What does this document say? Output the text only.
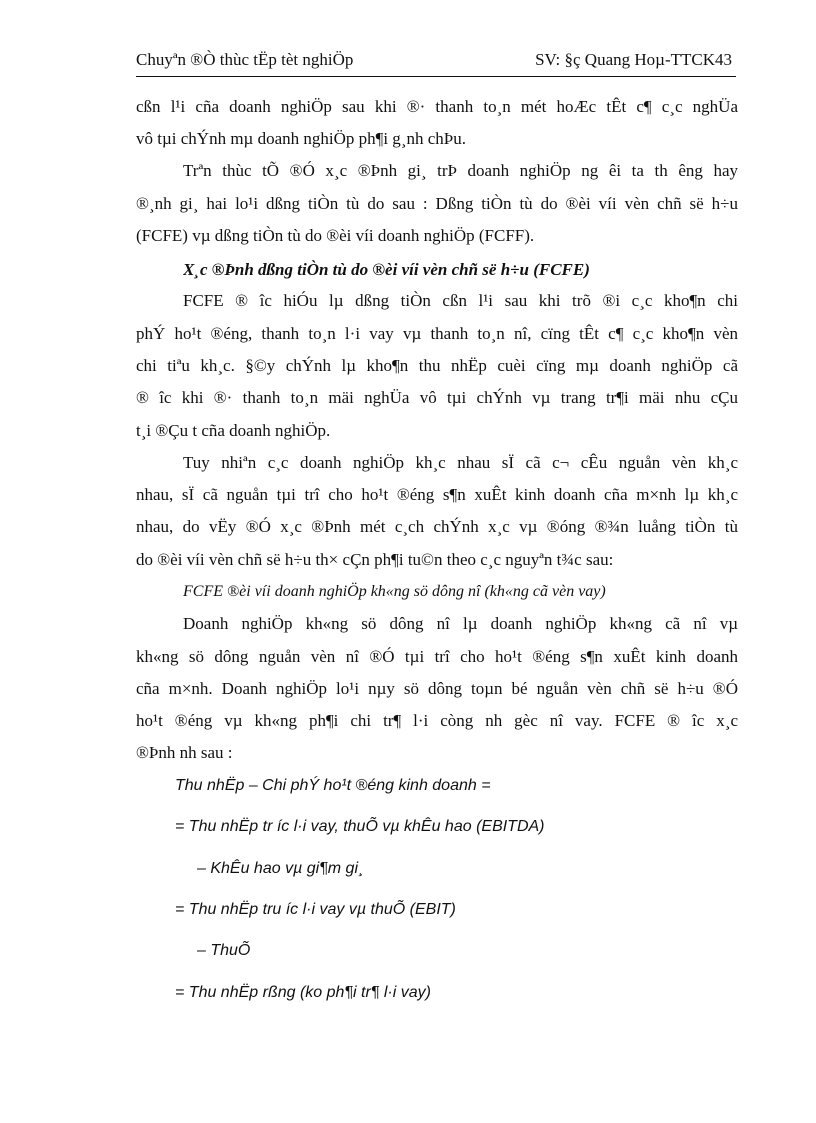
Chuyªn ®Ò thùc tËp tèt nghiÖp	SV: §ç Quang Hoµ-TTCK43
cßn l¹i cña doanh nghiÖp sau khi ®· thanh to¸n mét hoÆc tÊt c¶ c¸c nghÜa
vô tµi chÝnh mµ doanh nghiÖp ph¶i g¸nh chÞu.
Trªn thùc tÕ ®Ó x¸c ®Þnh gi¸ trÞ doanh nghiÖp ng êi ta th êng hay
®¸nh gi¸ hai lo¹i dßng tiÒn tù do sau : Dßng tiÒn tù do ®èi víi vèn chñ së h÷u
(FCFE) vµ dßng tiÒn tù do ®èi víi doanh nghiÖp (FCFF).
X¸c ®Þnh dßng tiÒn tù do ®èi víi vèn chñ së h÷u (FCFE)
FCFE ® îc hiÓu lµ dßng tiÒn cßn l¹i sau khi trõ ®i c¸c kho¶n chi
phÝ ho¹t ®éng, thanh to¸n l·i vay vµ thanh to¸n nî, cïng tÊt c¶ c¸c kho¶n vèn
chi tiªu kh¸c. §©y chÝnh lµ kho¶n thu nhËp cuèi cïng mµ doanh nghiÖp cã
® îc khi ®· thanh to¸n mäi nghÜa vô tµi chÝnh vµ trang tr¶i mäi nhu cÇu
t¸i ®Çu t cña doanh nghiÖp.
Tuy nhiªn c¸c doanh nghiÖp kh¸c nhau sÏ cã c¬ cÊu nguån vèn kh¸c
nhau, sÏ cã nguån tµi trî cho ho¹t ®éng s¶n xuÊt kinh doanh cña m×nh lµ kh¸c
nhau, do vËy ®Ó x¸c ®Þnh mét c¸ch chÝnh x¸c vµ ®óng ®¾n luång tiÒn tù
do ®èi víi vèn chñ së h÷u th× cÇn ph¶i tu©n theo c¸c nguyªn t¾c sau:
FCFE ®èi víi doanh nghiÖp kh«ng sö dông nî (kh«ng cã vèn vay)
Doanh nghiÖp kh«ng sö dông nî lµ doanh nghiÖp kh«ng cã nî vµ
kh«ng sö dông nguån vèn nî ®Ó tµi trî cho ho¹t ®éng s¶n xuÊt kinh doanh
cña m×nh. Doanh nghiÖp lo¹i nµy sö dông toµn bé nguån vèn chñ së h÷u ®Ó
ho¹t ®éng vµ kh«ng ph¶i chi tr¶ l·i còng nh gèc nî vay. FCFE ® îc x¸c
®Þnh nh sau :
Thu nhËp – Chi phÝ ho¹t ®éng kinh doanh =
= Thu nhËp tr íc l·i vay, thuÕ vµ khÊu hao (EBITDA)
– KhÊu hao vµ gi¶m gi¸
= Thu nhËp tru íc l·i vay vµ thuÕ (EBIT)
– ThuÕ
= Thu nhËp rßng (ko ph¶i tr¶ l·i vay)
